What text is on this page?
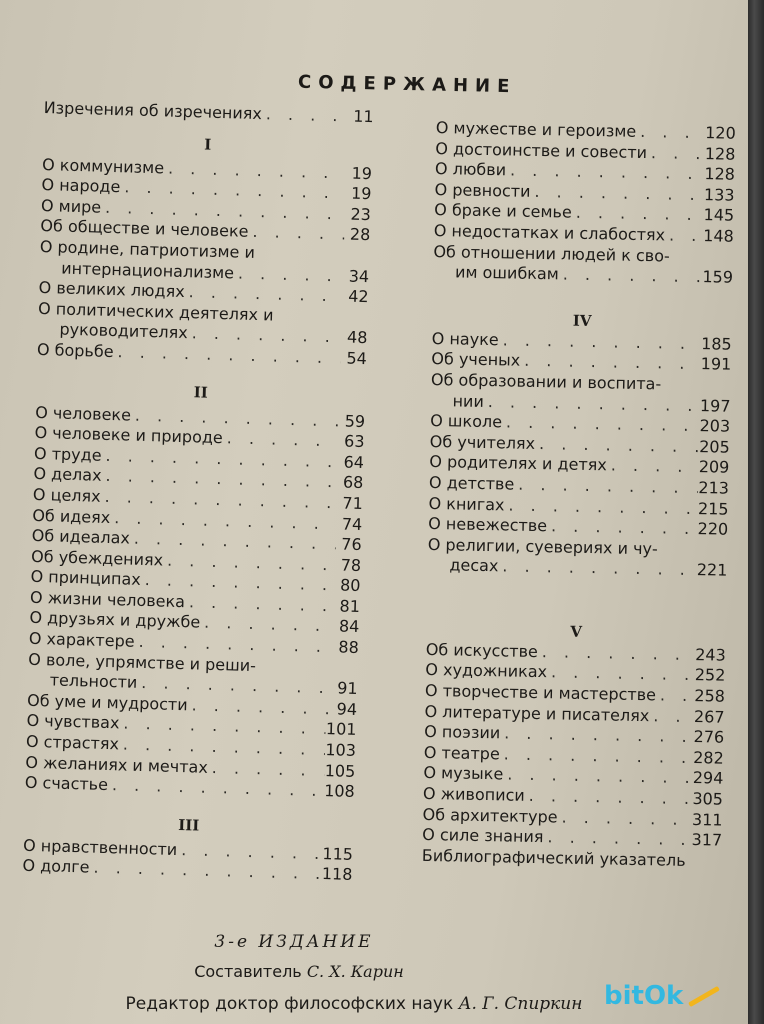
СОДЕРЖАНИЕ
Изречения об изречениях . . .	11
I
О коммунизме . . .	19
О народе . . .	19
О мире . . .	23
Об обществе и человеке . . .	28
О родине, патриотизме и
интернационализме . . .	34
О великих людях . . .	42
О политических деятелях и
руководителях . . .	48
О борьбе . . .	54
II
О человеке . . .	59
О человеке и природе . . .	63
О труде . . .	64
О делах . . .	68
О целях . . .	71
Об идеях . . .	74
Об идеалах . . .	76
Об убеждениях . . .	78
О принципах . . .	80
О жизни человека . . .	81
О друзьях и дружбе . . .	84
О характере . . .	88
О воле, упрямстве и реши-
тельности . . .	91
Об уме и мудрости . . .	94
О чувствах . . .	101
О страстях . . .	103
О желаниях и мечтах . . .	105
О счастье . . .	108
III
О нравственности . . .	115
О долге . . .	118
О мужестве и героизме . . .	120
О достоинстве и совести . . .	128
О любви . . .	128
О ревности . . .	133
О браке и семье . . .	145
О недостатках и слабостях . . . 148
Об отношении людей к сво-
им ошибкам . . .	159
IV
О науке . . .	185
Об ученых . . .	191
Об образовании и воспита-
нии . . .	197
О школе . . .	203
Об учителях . . .	205
О родителях и детях . . .	209
О детстве . . .	213
О книгах . . .	215
О невежестве . . .	220
О религии, суевериях и чу-
десах . . .	221
V
Об искусстве . . .	243
О художниках . . .	252
О творчестве и мастерстве . . . 258
О литературе и писателях . . .	267
О поэзии . . .	276
О театре . . .	282
О музыке . . .	294
О живописи . . .	305
Об архитектуре . . .	311
О силе знания . . .	317
Библиографический указатель
3-е ИЗДАНИЕ
Составитель С. Х. Карин
Редактор доктор философских наук А. Г. Спиркин bitOk
